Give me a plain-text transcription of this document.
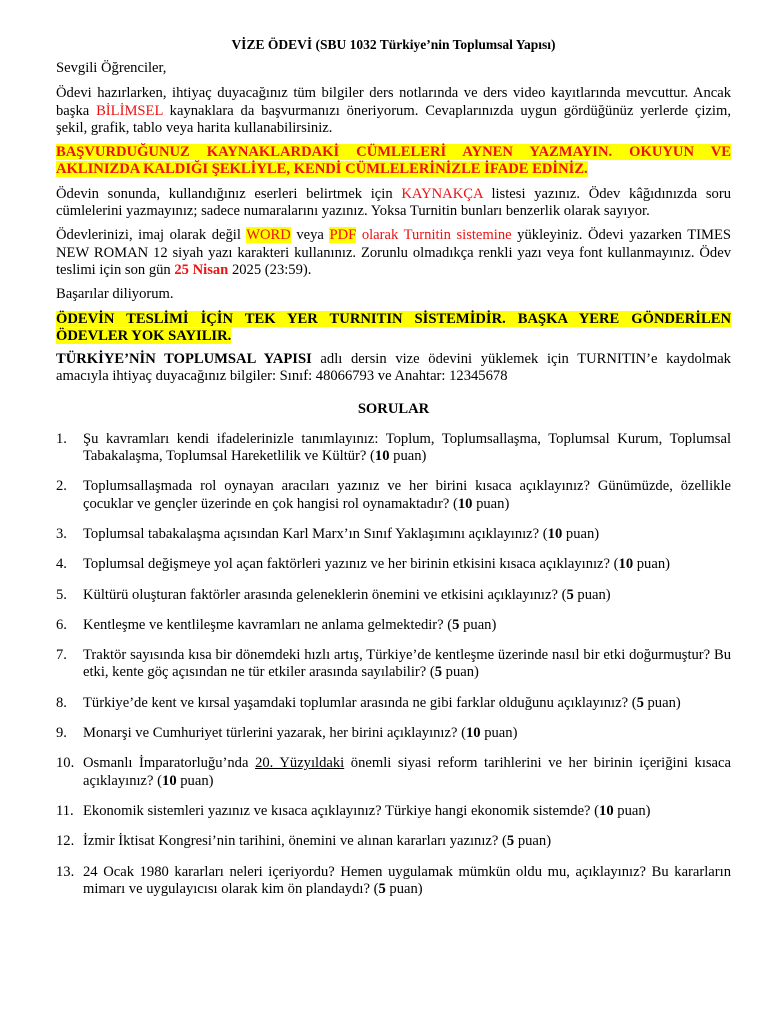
VİZE ÖDEVİ (SBU 1032 Türkiye’nin Toplumsal Yapısı)

Sevgili Öğrenciler,

Ödevi hazırlarken, ihtiyaç duyacağınız tüm bilgiler ders notlarında ve ders video kayıtlarında mevcuttur. Ancak başka BİLİMSEL kaynaklara da başvurmanızı öneriyorum. Cevaplarınızda uygun gördüğünüz yerlerde çizim, şekil, grafik, tablo veya harita kullanabilirsiniz.

BAŞVURDUĞUNUZ KAYNAKLARDAKİ CÜMLELERİ AYNEN YAZMAYIN. OKUYUN VE AKLINIZDA KALDIĞI ŞEKLİYLE, KENDİ CÜMLELERİNİZLE İFADE EDİNİZ.

Ödevin sonunda, kullandığınız eserleri belirtmek için KAYNAKÇA listesi yazınız. Ödev kâğıdınızda soru cümlelerini yazmayınız; sadece numaralarını yazınız. Yoksa Turnitin bunları benzerlik olarak sayıyor.

Ödevlerinizi, imaj olarak değil WORD veya PDF olarak Turnitin sistemine yükleyiniz. Ödevi yazarken TIMES NEW ROMAN 12 siyah yazı karakteri kullanınız. Zorunlu olmadıkça renkli yazı veya font kullanmayınız. Ödev teslimi için son gün 25 Nisan 2025 (23:59).

Başarılar diliyorum.

ÖDEVİN TESLİMİ İÇİN TEK YER TURNITIN SİSTEMİDİR. BAŞKA YERE GÖNDERİLEN ÖDEVLER YOK SAYILIR.

TÜRKİYE’NİN TOPLUMSAL YAPISI adlı dersin vize ödevini yüklemek için TURNITIN’e kaydolmak amacıyla ihtiyaç duyacağınız bilgiler: Sınıf: 48066793 ve Anahtar: 12345678

SORULAR
1. Şu kavramları kendi ifadelerinizle tanımlayınız: Toplum, Toplumsallaşma, Toplumsal Kurum, Toplumsal Tabakalaşma, Toplumsal Hareketlilik ve Kültür? (10 puan)
2. Toplumsallaşmada rol oynayan aracıları yazınız ve her birini kısaca açıklayınız? Günümüzde, özellikle çocuklar ve gençler üzerinde en çok hangisi rol oynamaktadır? (10 puan)
3. Toplumsal tabakalaşma açısından Karl Marx’ın Sınıf Yaklaşımını açıklayınız? (10 puan)
4. Toplumsal değişmeye yol açan faktörleri yazınız ve her birinin etkisini kısaca açıklayınız? (10 puan)
5. Kültürü oluşturan faktörler arasında geleneklerin önemini ve etkisini açıklayınız? (5 puan)
6. Kentleşme ve kentlileşme kavramları ne anlama gelmektedir? (5 puan)
7. Traktör sayısında kısa bir dönemdeki hızlı artış, Türkiye’de kentleşme üzerinde nasıl bir etki doğurmuştur? Bu etki, kente göç açısından ne tür etkiler arasında sayılabilir? (5 puan)
8. Türkiye’de kent ve kırsal yaşamdaki toplumlar arasında ne gibi farklar olduğunu açıklayınız? (5 puan)
9. Monarşi ve Cumhuriyet türlerini yazarak, her birini açıklayınız? (10 puan)
10. Osmanlı İmparatorluğu’nda 20. Yüzyıldaki önemli siyasi reform tarihlerini ve her birinin içeriğini kısaca açıklayınız? (10 puan)
11. Ekonomik sistemleri yazınız ve kısaca açıklayınız? Türkiye hangi ekonomik sistemde? (10 puan)
12. İzmir İktisat Kongresi’nin tarihini, önemini ve alınan kararları yazınız? (5 puan)
13. 24 Ocak 1980 kararları neleri içeriyordu? Hemen uygulamak mümkün oldu mu, açıklayınız? Bu kararların mimarı ve uygulayıcısı olarak kim ön plandaydı? (5 puan)
